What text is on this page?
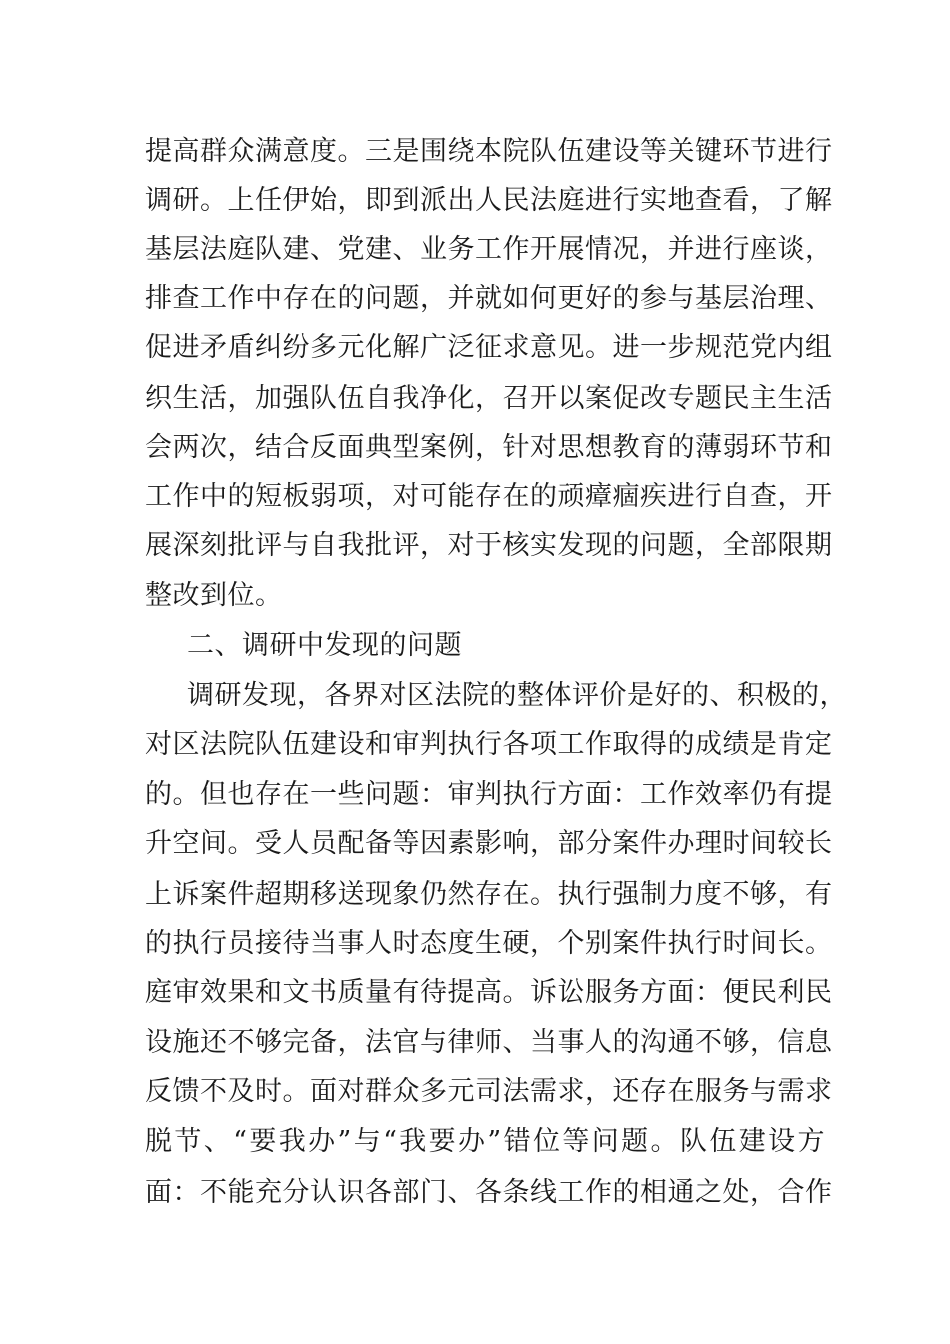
提高群众满意度。三是围绕本院队伍建设等关键环节进行
调研。上任伊始，即到派出人民法庭进行实地查看，了解
基层法庭队建、党建、业务工作开展情况，并进行座谈，
排查工作中存在的问题，并就如何更好的参与基层治理、
促进矛盾纠纷多元化解广泛征求意见。进一步规范党内组
织生活，加强队伍自我净化，召开以案促改专题民主生活
会两次，结合反面典型案例，针对思想教育的薄弱环节和
工作中的短板弱项，对可能存在的顽瘴痼疾进行自查，开
展深刻批评与自我批评，对于核实发现的问题，全部限期
整改到位。
二、调研中发现的问题
调研发现，各界对区法院的整体评价是好的、积极的，
对区法院队伍建设和审判执行各项工作取得的成绩是肯定
的。但也存在一些问题：审判执行方面：工作效率仍有提
升空间。受人员配备等因素影响，部分案件办理时间较长
上诉案件超期移送现象仍然存在。执行强制力度不够，有
的执行员接待当事人时态度生硬，个别案件执行时间长。
庭审效果和文书质量有待提高。诉讼服务方面：便民利民
设施还不够完备，法官与律师、当事人的沟通不够，信息
反馈不及时。面对群众多元司法需求，还存在服务与需求
脱节、“要我办”与“我要办”错位等问题。队伍建设方
面：不能充分认识各部门、各条线工作的相通之处，合作
